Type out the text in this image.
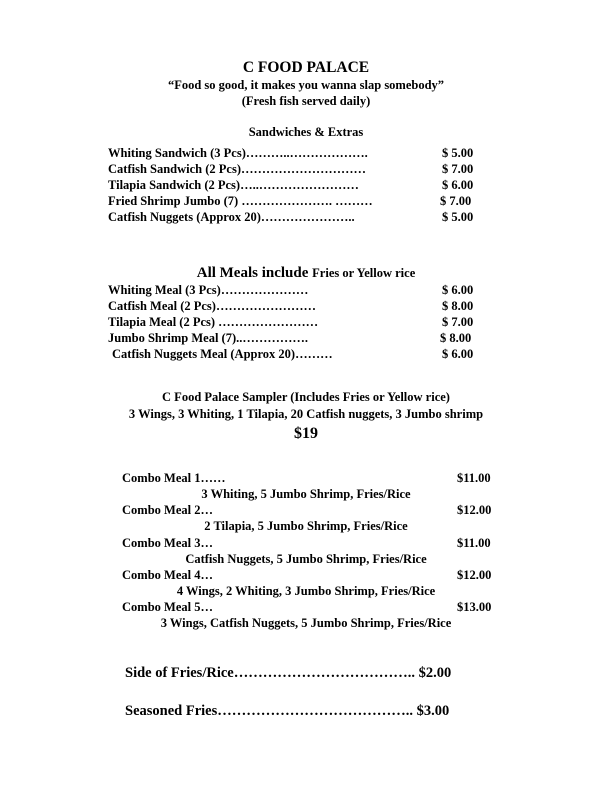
C FOOD PALACE
“Food so good, it makes you wanna slap somebody”
(Fresh fish served daily)
Sandwiches & Extras
Whiting Sandwich (3 Pcs)………..……………….	$ 5.00
Catfish Sandwich (2 Pcs)…………………………	$ 7.00
Tilapia Sandwich (2 Pcs)…..……………………	$ 6.00
Fried Shrimp Jumbo (7) …………………. ………	$ 7.00
Catfish Nuggets (Approx 20)…………………..	$ 5.00
All Meals include Fries or Yellow rice
Whiting Meal (3 Pcs)…………………	$ 6.00
Catfish Meal (2 Pcs)……………………	$ 8.00
Tilapia Meal (2 Pcs) ……………………	$ 7.00
Jumbo Shrimp Meal (7)..…………….	$ 8.00
Catfish Nuggets Meal (Approx 20)………	$ 6.00
C Food Palace Sampler (Includes Fries or Yellow rice)
3 Wings, 3 Whiting, 1 Tilapia, 20 Catfish nuggets, 3 Jumbo shrimp
$19
Combo Meal 1……	$11.00
3 Whiting, 5 Jumbo Shrimp, Fries/Rice
Combo Meal 2…	$12.00
2 Tilapia, 5 Jumbo Shrimp, Fries/Rice
Combo Meal 3…	$11.00
Catfish Nuggets, 5 Jumbo Shrimp, Fries/Rice
Combo Meal 4…	$12.00
4 Wings, 2 Whiting, 3 Jumbo Shrimp, Fries/Rice
Combo Meal 5…	$13.00
3 Wings, Catfish Nuggets, 5 Jumbo Shrimp, Fries/Rice
Side of Fries/Rice……………………………….. $2.00
Seasoned Fries………………………………….. $3.00
